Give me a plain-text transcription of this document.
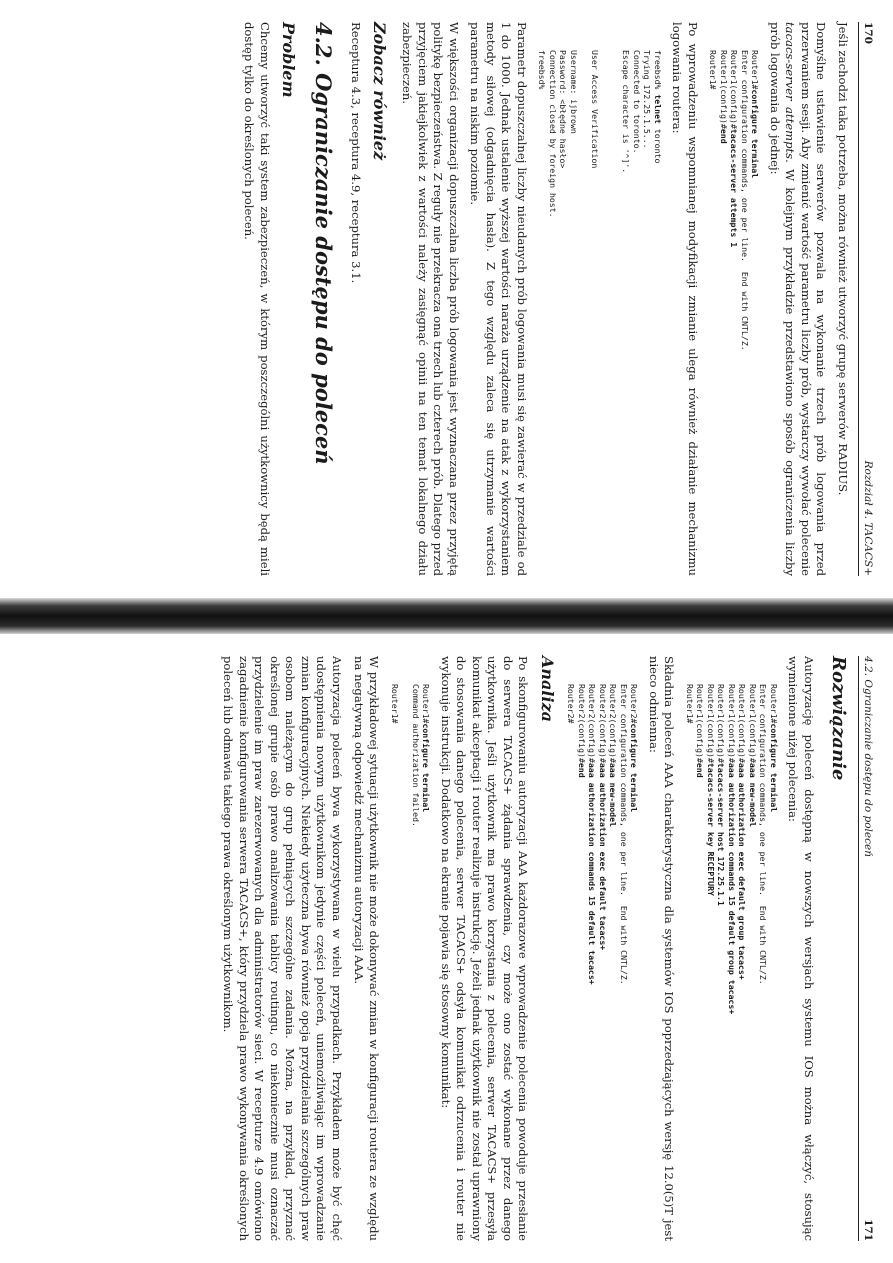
170
Rozdział 4. TACACS+

Jeśli zachodzi taka potrzeba, można również utworzyć grupę serwerów RADIUS.

Domyślne ustawienie serwerów pozwala na wykonanie trzech prób logowania przed przerwaniem sesji. Aby zmienić wartość parametru liczby prób, wystarczy wywołać polecenie tacacs-server attempts. W kolejnym przykładzie przedstawiono sposób ograniczenia liczby prób logowania do jednej:

Router1#configure terminal
Enter configuration commands, one per line.  End with CNTL/Z.
Router1(config)#tacacs-server attempts 1
Router1(config)#end
Router1#

Po wprowadzeniu wspomnianej modyfikacji zmianie ulega również działanie mechanizmu logowania routera:

freebsd% telnet toronto
Trying 172.25.1.5...
Connected to toronto.
Escape character is '^]'.

User Access Verification

Username: ijbrown
Password: <błędne hasło>
Connection closed by foreign host.
freebsd%

Parametr dopuszczalnej liczby nieudanych prób logowania musi się zawierać w przedziale od 1 do 1000. Jednak ustalenie wyższej wartości naraża urządzenie na atak z wykorzystaniem metody siłowej (odgadnięcia hasła). Z tego względu zaleca się utrzymanie wartości parametru na niskim poziomie.

W większości organizacji dopuszczalna liczba prób logowania jest wyznaczana przez przyjętą politykę bezpieczeństwa. Z reguły nie przekracza ona trzech lub czterech prób. Dlatego przed przyjęciem jakiejkolwiek z wartości należy zasięgnąć opinii na ten temat lokalnego działu zabezpieczeń.

Zobacz również

Receptura 4.3, receptura 4.9, receptura 3.1.

4.2. Ograniczanie dostępu do poleceń
Problem

Chcemy utworzyć taki system zabezpieczeń, w którym poszczególni użytkownicy będą mieli dostęp tylko do określonych poleceń.

4.2. Ograniczanie dostępu do poleceń
171
Rozwiązanie

Autoryzację poleceń dostępną w nowszych wersjach systemu IOS można włączyć, stosując wymienione niżej polecenia:

Router1#configure terminal
Enter configuration commands, one per line.  End with CNTL/Z.
Router1(config)#aaa new-model
Router1(config)#aaa authorization exec default group tacacs+
Router1(config)#aaa authorization commands 15 default group tacacs+
Router1(config)#tacacs-server host 172.25.1.1
Router1(config)#tacacs-server key RECEPTURY
Router1(config)#end
Router1#

Składnia poleceń AAA charakterystyczna dla systemów IOS poprzedzających wersję 12.0(5)T jest nieco odmienna:

Router2#configure terminal
Enter configuration commands, one per line.  End with CNTL/Z.
Router2(config)#aaa new-model
Router2(config)#aaa authorization exec default tacacs+
Router2(config)#aaa authorization commands 15 default tacacs+
Router2(config)#end
Router2#
Analiza

Po skonfigurowaniu autoryzacji AAA każdorazowe wprowadzenie polecenia powoduje przesłanie do serwera TACACS+ żądania sprawdzenia, czy może ono zostać wykonane przez danego użytkownika. Jeśli użytkownik ma prawo korzystania z polecenia, serwer TACACS+ przesyła komunikat akceptacji i router realizuje instrukcję. Jeżeli jednak użytkownik nie został uprawniony do stosowania danego polecenia, serwer TACACS+ odsyła komunikat odrzucenia i router nie wykonuje instrukcji. Dodatkowo na ekranie pojawia się stosowny komunikat:

Router1#configure terminal
Command authorization failed.

Router1#

W przykładowej sytuacji użytkownik nie może dokonywać zmian w konfiguracji routera ze względu na negatywną odpowiedź mechanizmu autoryzacji AAA.

Autoryzacja poleceń bywa wykorzystywana w wielu przypadkach. Przykładem może być chęć udostępnienia nowym użytkownikom jedynie części poleceń, uniemożliwiając im wprowadzanie zmian konfiguracyjnych. Niekiedy użyteczna bywa również opcja przydzielania szczególnych praw osobom należącym do grup pełniących szczególne zadania. Można, na przykład, przyznać określonej grupie osób prawo analizowania tablicy routingu, co niekoniecznie musi oznaczać przydzielenie im praw zarezerwowanych dla administratorów sieci. W recepturze 4.9 omówiono zagadnienie konfigurowania serwera TACACS+, który przydziela prawo wykonywania określonych poleceń lub odmawia takiego prawa określonym użytkownikom.
